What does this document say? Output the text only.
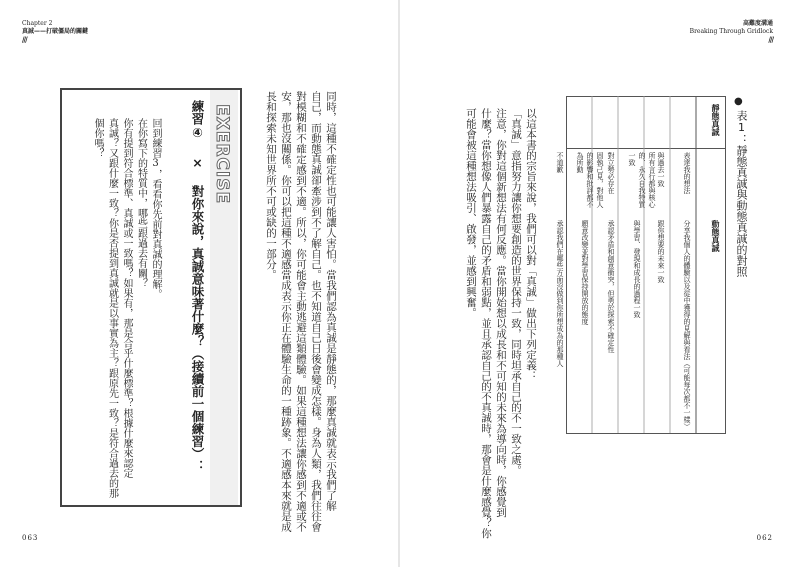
Chapter 2
真誠——打破僵局的關鍵
///
同時，這種不確定性也可能讓人害怕。當我們認為真誠是靜態的，那麼真誠就表示我們了解
自己，而動態真誠卻牽涉到不了解自己。也不知道自己日後會變成怎樣。身為人類，我們往往會
對模糊和不確定感到不適。所以，你可能會主動逃避這類體驗。如果這種想法讓你感到不適或不
安，那也沒關係。你可以把這種不適感當成表示你正在體驗生命的一種跡象。不適感本來就是成
長和探索未知世界所不可或缺的一部分。
EXERCISE
練習④ × 對你來說，真誠意味著什麼？（接續前一個練習）：
回到練習3，看看你先前對真誠的理解。
在你寫下的特質中，哪些跟過去有關？
你有提到符合標準、真誠或一致嗎？如果有，那是合乎什麼標準？根據什麼來認定
真誠？又跟什麼一致？你是否提到真誠就是以事實為主？跟原先一致？是符合過去的那
個你嗎？
063
高難度溝通
Breaking Through Gridlock
///
●
表1：靜態真誠與動態真誠的對照
靜態真誠
動態真誠
表達我的想法
分享我個人的體驗以及從中獲得的見解與看法（可能每次都不一樣）
與過去一致
跟你想要的未來一致
所有言行都與核心的、永久自我特質一致
與學習、發現和成長的過程一致
對立勢必存在
承認矛盾和創意衝突，但勇於探索不確定性
固執己見，對他人的影響和批評都不為所動
願意改變並對學習保持開放的態度
不道歉
承認我們在哪些方面沒做到你所想成為的那種人
以這本書的宗旨來說，我們可以對「真誠」做出下列定義：
「真誠」意指努力讓你想要創造的世界保持一致，同時坦承自己的不一致之處。
注意，你對這個新想法有何反應。當你開始想以成長和不可知的未來為導向時，你感覺到
什麼？當你想像人們暴露自己的矛盾和弱點，並且承認自己的不真誠時，那會是什麼感覺？你
可能會被這種想法吸引、啟發，並感到興奮。
062
